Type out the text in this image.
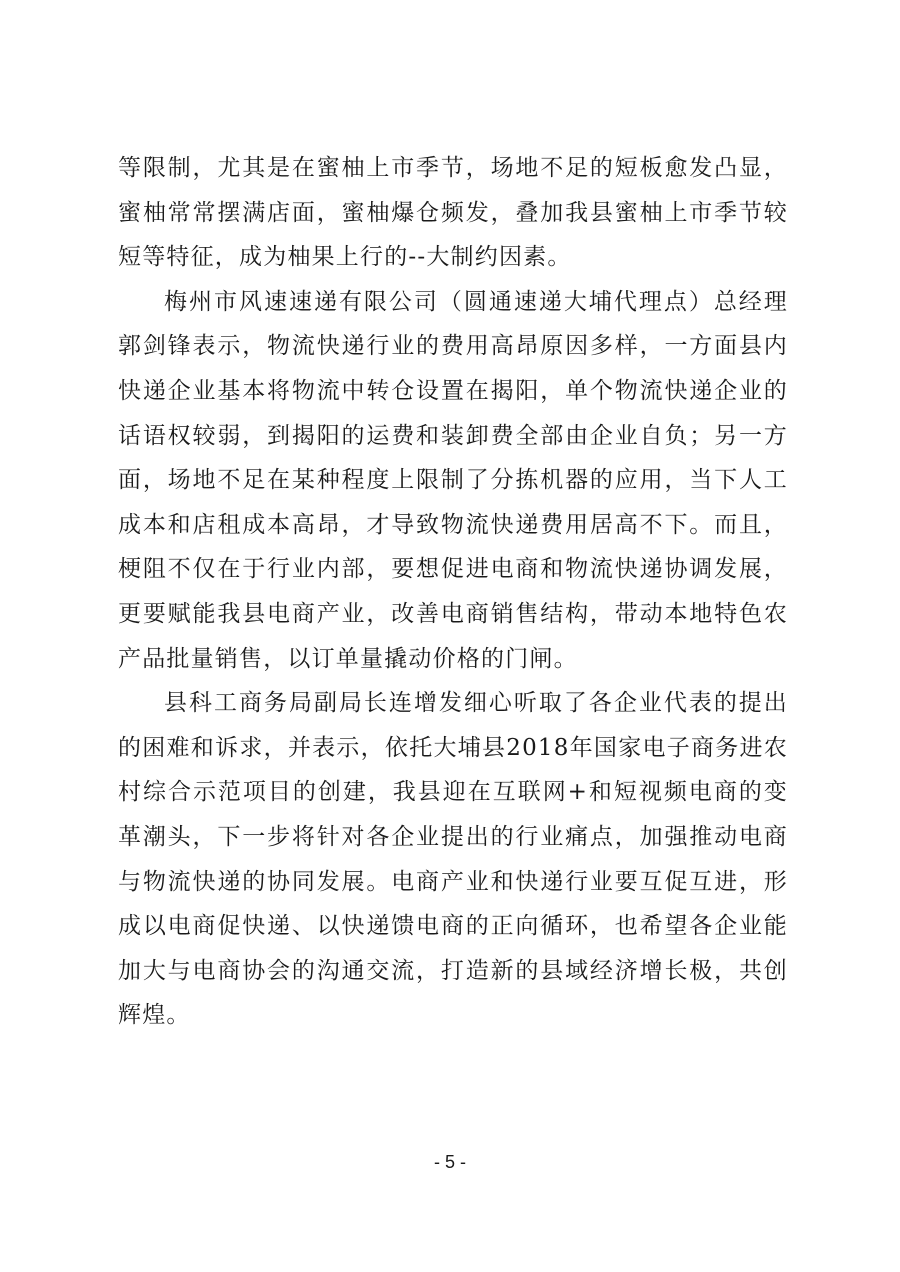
等限制，尤其是在蜜柚上市季节，场地不足的短板愈发凸显，蜜柚常常摆满店面，蜜柚爆仓频发，叠加我县蜜柚上市季节较短等特征，成为柚果上行的--大制约因素。

梅州市风速速递有限公司（圆通速递大埔代理点）总经理郭剑锋表示，物流快递行业的费用高昂原因多样，一方面县内快递企业基本将物流中转仓设置在揭阳，单个物流快递企业的话语权较弱，到揭阳的运费和装卸费全部由企业自负；另一方面，场地不足在某种程度上限制了分拣机器的应用，当下人工成本和店租成本高昂，才导致物流快递费用居高不下。而且，梗阻不仅在于行业内部，要想促进电商和物流快递协调发展，更要赋能我县电商产业，改善电商销售结构，带动本地特色农产品批量销售，以订单量撬动价格的门闸。

县科工商务局副局长连增发细心听取了各企业代表的提出的困难和诉求，并表示，依托大埔县2018年国家电子商务进农村综合示范项目的创建，我县迎在互联网+和短视频电商的变革潮头，下一步将针对各企业提出的行业痛点，加强推动电商与物流快递的协同发展。电商产业和快递行业要互促互进，形成以电商促快递、以快递馈电商的正向循环，也希望各企业能加大与电商协会的沟通交流，打造新的县域经济增长极，共创辉煌。

- 5 -
